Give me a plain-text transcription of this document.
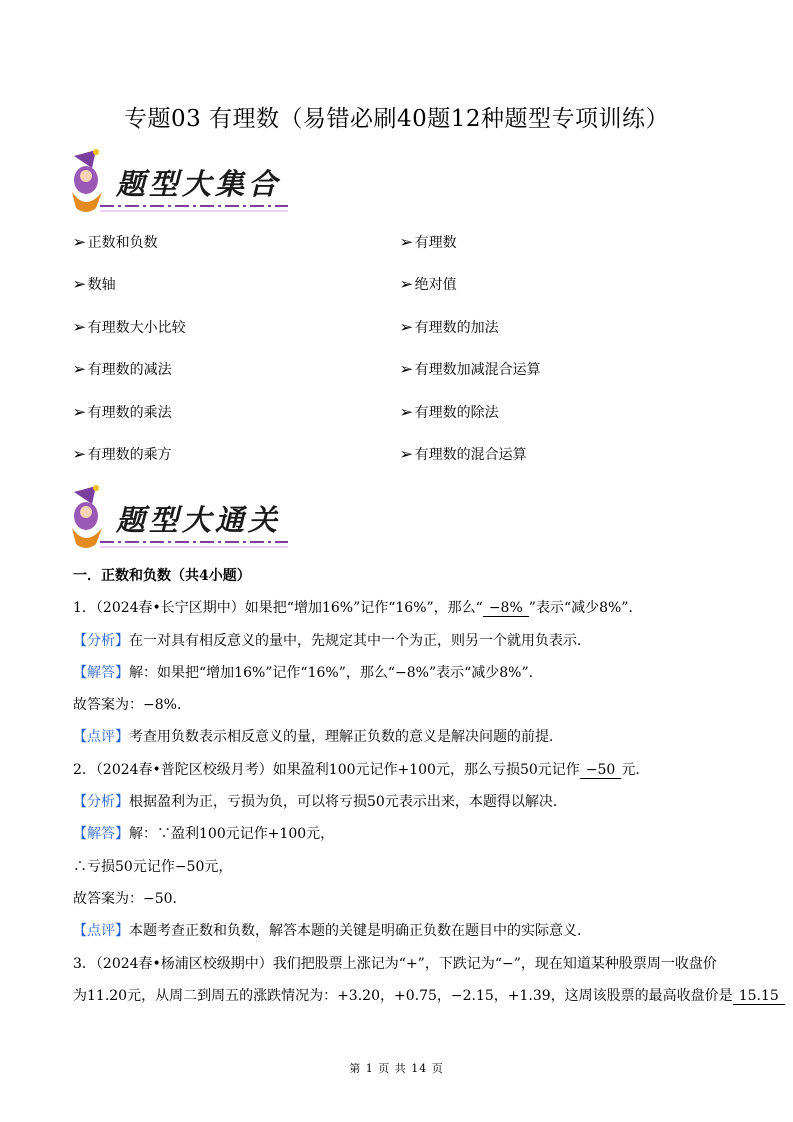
专题03 有理数（易错必刷40题12种题型专项训练）
题型大集合
➢ 正数和负数	➢ 有理数
➢ 数轴	➢ 绝对值
➢ 有理数大小比较	➢ 有理数的加法
➢ 有理数的减法	➢ 有理数加减混合运算
➢ 有理数的乘法	➢ 有理数的除法
➢ 有理数的乘方	➢ 有理数的混合运算
题型大通关
一．正数和负数（共4小题）
1．（2024春•长宁区期中）如果把“增加16%”记作“16%”，那么“ −8% ”表示“减少8%”．
【分析】在一对具有相反意义的量中，先规定其中一个为正，则另一个就用负表示．
【解答】解：如果把“增加16%”记作“16%”，那么“−8%”表示“减少8%”．
故答案为：−8%．
【点评】考查用负数表示相反意义的量，理解正负数的意义是解决问题的前提．
2．（2024春•普陀区校级月考）如果盈利100元记作+100元，那么亏损50元记作 −50 元．
【分析】根据盈利为正，亏损为负，可以将亏损50元表示出来，本题得以解决．
【解答】解：∵盈利100元记作+100元，
∴亏损50元记作−50元，
故答案为：−50．
【点评】本题考查正数和负数，解答本题的关键是明确正负数在题目中的实际意义．
3．（2024春•杨浦区校级期中）我们把股票上涨记为“+”，下跌记为“−”，现在知道某种股票周一收盘价
为11.20元，从周二到周五的涨跌情况为：+3.20，+0.75，−2.15，+1.39，这周该股票的最高收盘价是 15.15
第 1 页 共 14 页
